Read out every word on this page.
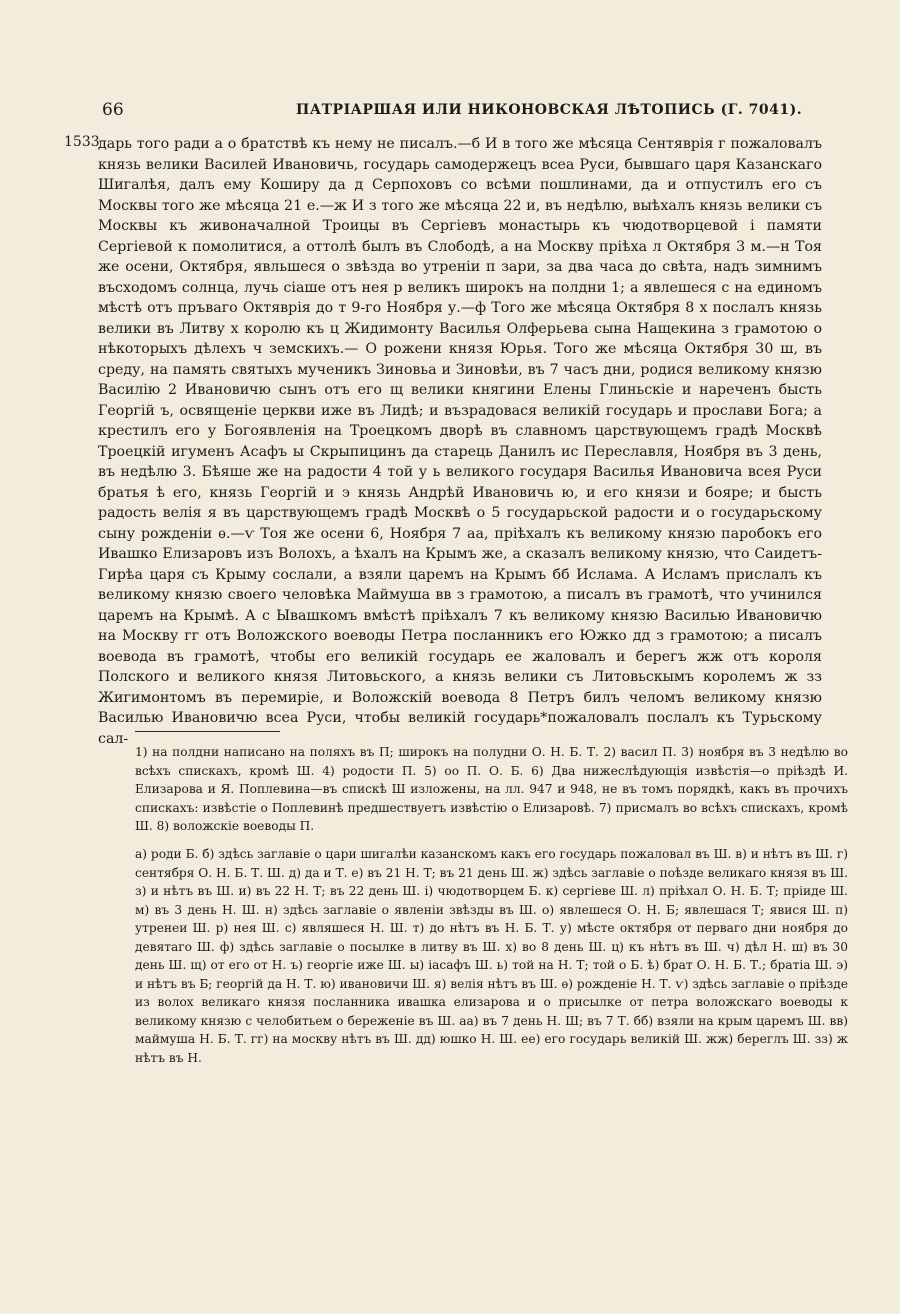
66	ПАТРІАРШАЯ ИЛИ НИКОНОВСКАЯ ЛѢТОПИСЬ (Г. 7041).
1533

дарь того ради а о братствѣ къ нему не писалъ.—б И в того же мѣсяца Сентяврія г пожаловалъ князь велики Василей Ивановичь, государь самодержецъ всеа Руси, бывшаго царя Казанскаго Шигалѣя, далъ ему Коширу да д Серпоховъ со всѣми пошлинами, да и отпустилъ его съ Москвы того же мѣсяца 21 е.—ж И з того же мѣсяца 22 и, въ недѣлю, выѣхалъ князь велики съ Москвы къ живоначалной Троицы въ Сергіевъ монастырь къ чюдотворцевой і памяти Сергіевой к помолитися, а оттолѣ былъ въ Слободѣ, а на Москву пріѣха л Октября 3 м.—н Тоя же осени, Октября, явльшеся о звѣзда во утреніи п зари, за два часа до свѣта, надъ зимнимъ въсходомъ солнца, лучь сіаше отъ нея р великъ широкъ на полдни 1; а явлешеся с на единомъ мѣстѣ отъ пръваго Октяврія до т 9-го Ноября у.—ф Того же мѣсяца Октября 8 х послалъ князь велики въ Литву х королю къ ц Жидимонту Василья Олферьева сына Нащекина з грамотою о нѣкоторыхъ дѣлехъ ч земскихъ.— О рожени князя Юрья. Того же мѣсяца Октября 30 ш, въ среду, на память святыхъ мученикъ Зиновьа и Зиновѣи, въ 7 часъ дни, родися великому князю Василію 2 Ивановичю сынъ отъ его щ велики княгини Елены Глиньскіе и нареченъ бысть Георгій ъ, освященіе церкви иже въ Лидѣ; и възрадовася великій государь и прослави Бога; а крестилъ его у Богоявленія на Троецкомъ дворѣ въ славномъ царствующемъ градѣ Москвѣ Троецкій игуменъ Асафъ ы Скрыпицинъ да старець Данилъ ис Переславля, Ноября въ 3 день, въ недѣлю 3. Бѣяше же на радости 4 той у ь великого государя Василья Ивановича всея Руси братья ѣ его, князь Георгій и э князь Андрѣй Ивановичь ю, и его князи и бояре; и бысть радость велія я въ царствующемъ градѣ Москвѣ о 5 государьской радости и о государьскому сыну рожденіи ѳ.—ѵ Тоя же осени 6, Ноября 7 аа, пріѣхалъ къ великому князю паробокъ его Ивашко Елизаровъ изъ Волохъ, а ѣхалъ на Крымъ же, а сказалъ великому князю, что Саидетъ-Гирѣа царя съ Крыму сослали, а взяли царемъ на Крымъ бб Ислама. А Исламъ прислалъ къ великому князю своего человѣка Маймуша вв з грамотою, а писалъ въ грамотѣ, что учинился царемъ на Крымѣ. А с Ывашкомъ вмѣстѣ пріѣхалъ 7 къ великому князю Василью Ивановичю на Москву гг отъ Воложского воеводы Петра посланникъ его Южко дд з грамотою; а писалъ воевода въ грамотѣ, чтобы его великій государь ее жаловалъ и берегъ жж отъ короля Полского и великого князя Литовьского, а князь велики съ Литовьскымъ королемъ ж зз Жигимонтомъ въ перемиріе, и Воложскій воевода 8 Петръ билъ челомъ великому князю Василью Ивановичю всеа Руси, чтобы великій государь*пожаловалъ послалъ къ Турьскому сал-

1) на полдни написано на поляхъ въ П; широкъ на полудни О. Н. Б. Т. 2) васил П. 3) ноября въ 3 недѣлю во всѣхъ спискахъ, кромѣ Ш. 4) родости П. 5) оо П. О. Б. 6) Два нижеслѣдующія извѣстія—о пріѣздѣ И. Елизарова и Я. Поплевина—въ спискѣ Ш изложены, на лл. 947 и 948, не въ томъ порядкѣ, какъ въ прочихъ спискахъ: извѣстіе о Поплевинѣ предшествуетъ извѣстію о Елизаровѣ. 7) присмалъ во всѣхъ спискахъ, кромѣ Ш. 8) воложскіе воеводы П.

а) роди Б. б) здѣсь заглавіе о цари шигалѣи казанскомъ какъ его государь пожаловал въ Ш. в) и нѣтъ въ Ш. г) сентября О. Н. Б. Т. Ш. д) да и Т. е) въ 21 Н. Т; въ 21 день Ш. ж) здѣсь заглавіе о поѣзде великаго князя въ Ш. з) и нѣтъ въ Ш. и) въ 22 Н. Т; въ 22 день Ш. і) чюдотворцем Б. к) сергіеве Ш. л) пріѣхал О. Н. Б. Т; пріиде Ш. м) въ 3 день Н. Ш. н) здѣсь заглавіе о явленіи звѣзды въ Ш. о) явлешеся О. Н. Б; явлешася Т; явися Ш. п) утренеи Ш. р) нея Ш. с) являшеся Н. Ш. т) до нѣтъ въ Н. Б. Т. у) мѣсте октября от перваго дни ноября до девятаго Ш. ф) здѣсь заглавіе о посылке в литву въ Ш. х) во 8 день Ш. ц) къ нѣтъ въ Ш. ч) дѣл Н. ш) въ 30 день Ш. щ) от его от Н. ъ) георгіе иже Ш. ы) іасафъ Ш. ь) той на Н. Т; той о Б. ѣ) брат О. Н. Б. Т.; братіа Ш. э) и нѣтъ въ Б; георгій да Н. Т. ю) ивановичи Ш. я) велія нѣтъ въ Ш. ѳ) рожденіе Н. Т. ѵ) здѣсь заглавіе о пріѣзде из волох великаго князя посланника ивашка елизарова и о присылке от петра воложскаго воеводы к великому князю с челобитьем о береженіе въ Ш. аа) въ 7 день Н. Ш; въ 7 Т. бб) взяли на крым царемъ Ш. вв) маймуша Н. Б. Т. гг) на москву нѣтъ въ Ш. дд) юшко Н. Ш. ее) его государь великій Ш. жж) береглъ Ш. зз) ж нѣтъ въ Н.
